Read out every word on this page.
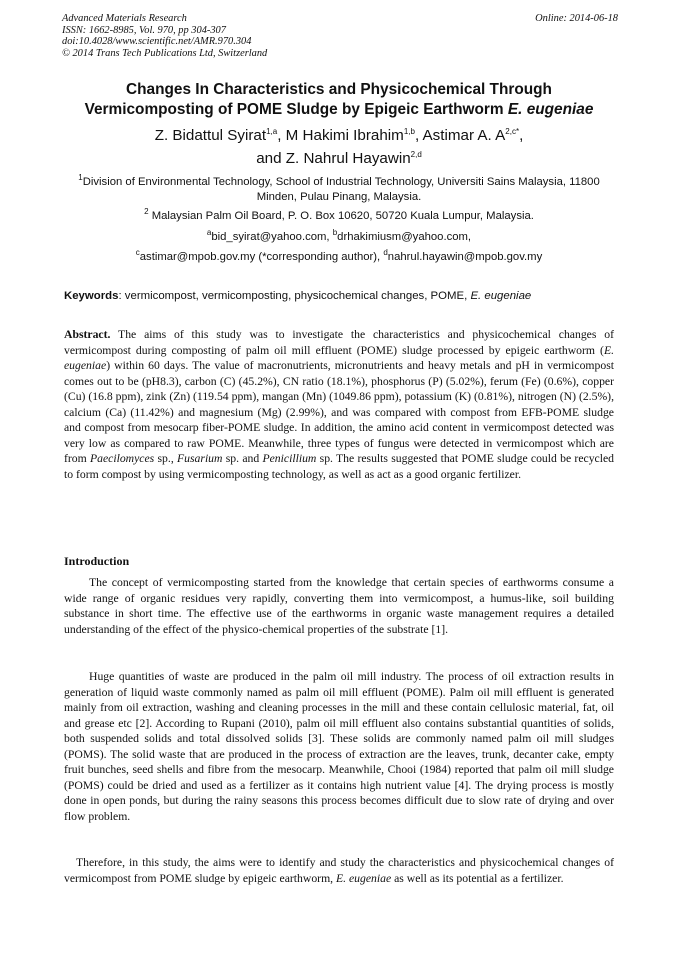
Advanced Materials Research
ISSN: 1662-8985, Vol. 970, pp 304-307
doi:10.4028/www.scientific.net/AMR.970.304
© 2014 Trans Tech Publications Ltd, Switzerland
Online: 2014-06-18
Changes In Characteristics and Physicochemical Through
Vermicomposting of POME Sludge by Epigeic Earthworm E. eugeniae
Z. Bidattul Syirat$^{1,a}$, M Hakimi Ibrahim$^{1,b}$, Astimar A. $A^{2,c*}$,
and Z. Nahrul Hayawin$^{2,d}$
$^1$Division of Environmental Technology, School of Industrial Technology, Universiti Sains Malaysia, 11800 Minden, Pulau Pinang, Malaysia.
$^2$ Malaysian Palm Oil Board, P. O. Box 10620, 50720 Kuala Lumpur, Malaysia.
$^a$bid_syirat@yahoo.com, $^b$drhakimiusm@yahoo.com,
$^c$astimar@mpob.gov.my (*corresponding author), $^d$nahrul.hayawin@mpob.gov.my
Keywords: vermicompost, vermicomposting, physicochemical changes, POME, E. eugeniae
Abstract. The aims of this study was to investigate the characteristics and physicochemical changes of vermicompost during composting of palm oil mill effluent (POME) sludge processed by epigeic earthworm (E. eugeniae) within 60 days. The value of macronutrients, micronutrients and heavy metals and pH in vermicompost comes out to be (pH8.3), carbon (C) (45.2%), CN ratio (18.1%), phosphorus (P) (5.02%), ferum (Fe) (0.6%), copper (Cu) (16.8 ppm), zink (Zn) (119.54 ppm), mangan (Mn) (1049.86 ppm), potassium (K) (0.81%), nitrogen (N) (2.5%), calcium (Ca) (11.42%) and magnesium (Mg) (2.99%), and was compared with compost from EFB-POME sludge and compost from mesocarp fiber-POME sludge. In addition, the amino acid content in vermicompost detected was very low as compared to raw POME. Meanwhile, three types of fungus were detected in vermicompost which are from Paecilomyces sp., Fusarium sp. and Penicillium sp. The results suggested that POME sludge could be recycled to form compost by using vermicomposting technology, as well as act as a good organic fertilizer.
Introduction

The concept of vermicomposting started from the knowledge that certain species of earthworms consume a wide range of organic residues very rapidly, converting them into vermicompost, a humus-like, soil building substance in short time. The effective use of the earthworms in organic waste management requires a detailed understanding of the effect of the physico-chemical properties of the substrate [1].

Huge quantities of waste are produced in the palm oil mill industry. The process of oil extraction results in generation of liquid waste commonly named as palm oil mill effluent (POME). Palm oil mill effluent is generated mainly from oil extraction, washing and cleaning processes in the mill and these contain cellulosic material, fat, oil and grease etc [2]. According to Rupani (2010), palm oil mill effluent also contains substantial quantities of solids, both suspended solids and total dissolved solids [3]. These solids are commonly named palm oil mill sludges (POMS). The solid waste that are produced in the process of extraction are the leaves, trunk, decanter cake, empty fruit bunches, seed shells and fibre from the mesocarp. Meanwhile, Chooi (1984) reported that palm oil mill sludge (POMS) could be dried and used as a fertilizer as it contains high nutrient value [4]. The drying process is mostly done in open ponds, but during the rainy seasons this process becomes difficult due to slow rate of drying and over flow problem.

Therefore, in this study, the aims were to identify and study the characteristics and physicochemical changes of vermicompost from POME sludge by epigeic earthworm, E. eugeniae as well as its potential as a fertilizer.
